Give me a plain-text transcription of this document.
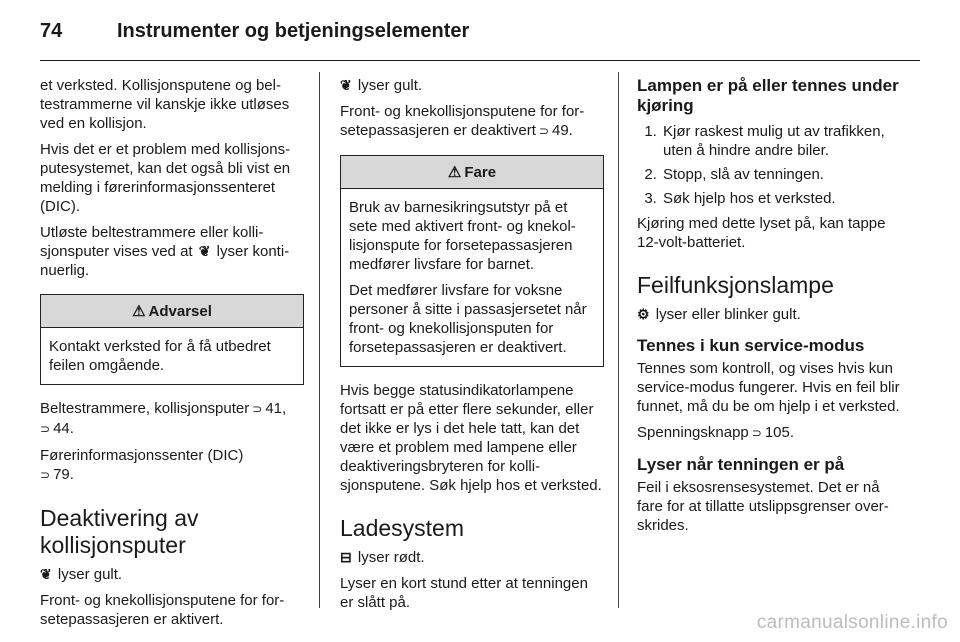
74	Instrumenter og betjeningselementer

et verksted. Kollisjonsputene og beltestrammerne vil kanskje ikke utløses ved en kollisjon.

Hvis det er et problem med kollisjonsputesystemet, kan det også bli vist en melding i førerinformasjonssenteret (DIC).

Utløste beltestrammere eller kollisjonsputer vises ved at ❦ lyser kontinuerlig.

⚠ Advarsel

Kontakt verksted for å få utbedret feilen omgående.

Beltestrammere, kollisjonsputer ⊃ 41,
⊃ 44.

Førerinformasjonssenter (DIC)
⊃ 79.

Deaktivering av kollisjonsputer

❦ lyser gult.

Front- og knekollisjonsputene for forsetepassasjeren er aktivert.

❦ lyser gult.

Front- og knekollisjonsputene for forsetepassasjeren er deaktivert ⊃ 49.

⚠ Fare

Bruk av barnesikringsutstyr på et sete med aktivert front- og knekollisjonspute for forsetepassasjeren medfører livsfare for barnet.

Det medfører livsfare for voksne personer å sitte i passasjersetet når front- og knekollisjonsputen for forsetepassasjeren er deaktivert.

Hvis begge statusindikatorlampene fortsatt er på etter flere sekunder, eller det ikke er lys i det hele tatt, kan det være et problem med lampene eller deaktiveringsbryteren for kollisjonsputene. Søk hjelp hos et verksted.

Ladesystem

⊟ lyser rødt.

Lyser en kort stund etter at tenningen er slått på.

Lampen er på eller tennes under kjøring
1. Kjør raskest mulig ut av trafikken, uten å hindre andre biler.
2. Stopp, slå av tenningen.
3. Søk hjelp hos et verksted.

Kjøring med dette lyset på, kan tappe 12-volt-batteriet.

Feilfunksjonslampe

⚙ lyser eller blinker gult.

Tennes i kun service-modus

Tennes som kontroll, og vises hvis kun service-modus fungerer. Hvis en feil blir funnet, må du be om hjelp i et verksted.

Spenningsknapp ⊃ 105.

Lyser når tenningen er på

Feil i eksosrensesystemet. Det er nå fare for at tillatte utslippsgrenser overskrides.

carmanualsonline.info
